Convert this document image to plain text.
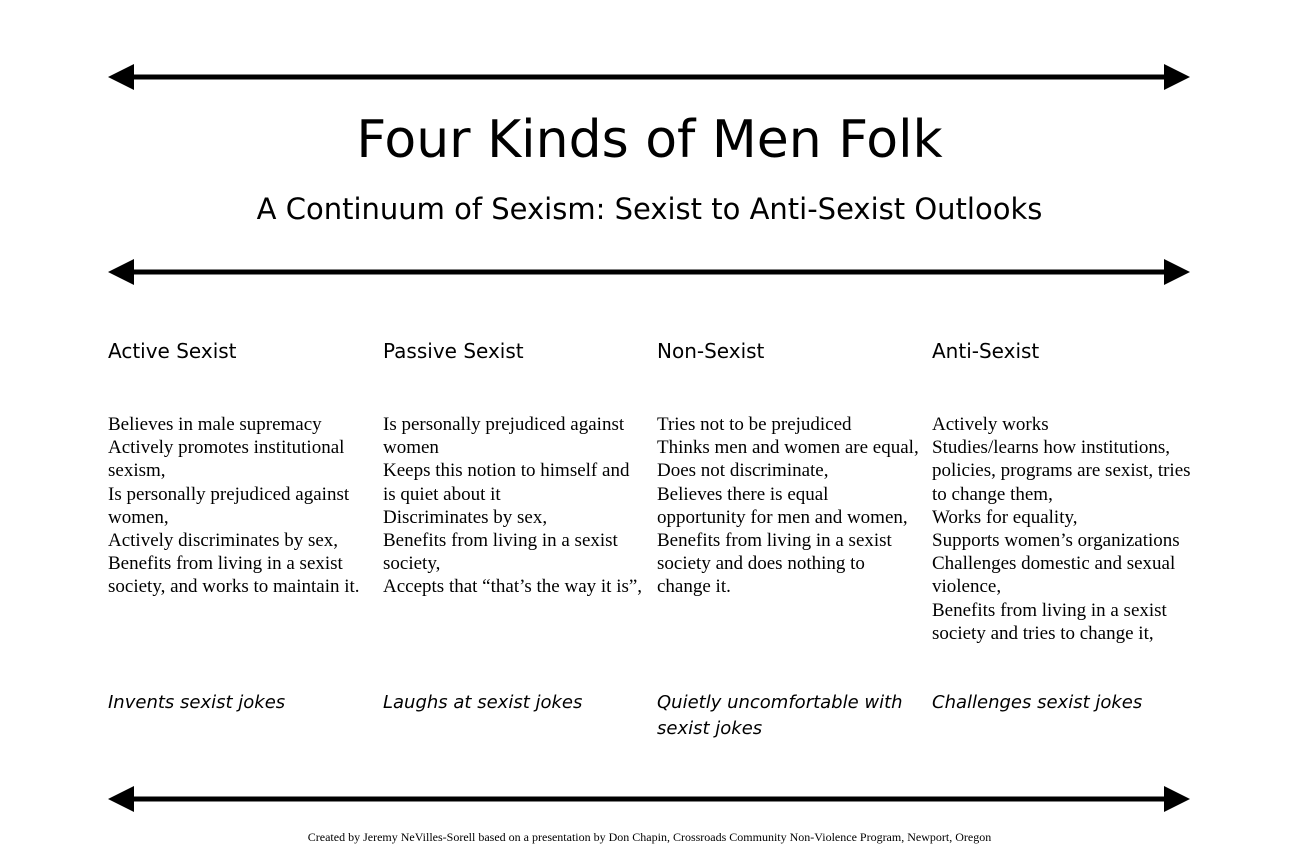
Four Kinds of Men Folk
A Continuum of Sexism: Sexist to Anti-Sexist Outlooks
Active Sexist
Believes in male supremacy
Actively promotes institutional sexism,
Is personally prejudiced against women,
Actively discriminates by sex,
Benefits from living in a sexist society, and works to maintain it.
Invents sexist jokes
Passive Sexist
Is personally prejudiced against women
Keeps this notion to himself and is quiet about it
Discriminates by sex,
Benefits from living in a sexist society,
Accepts that “that’s the way it is”,
Laughs at sexist jokes
Non-Sexist
Tries not to be prejudiced
Thinks men and women are equal,
Does not discriminate,
Believes there is equal opportunity for men and women,
Benefits from living in a sexist society and does nothing to change it.
Quietly uncomfortable with sexist jokes
Anti-Sexist
Actively works
Studies/learns how institutions, policies, programs are sexist, tries to change them,
Works for equality,
Supports women’s organizations
Challenges domestic and sexual violence,
Benefits from living in a sexist society and tries to change it,
Challenges sexist jokes
Created by Jeremy NeVilles-Sorell based on a presentation by Don Chapin, Crossroads Community Non-Violence Program, Newport, Oregon
